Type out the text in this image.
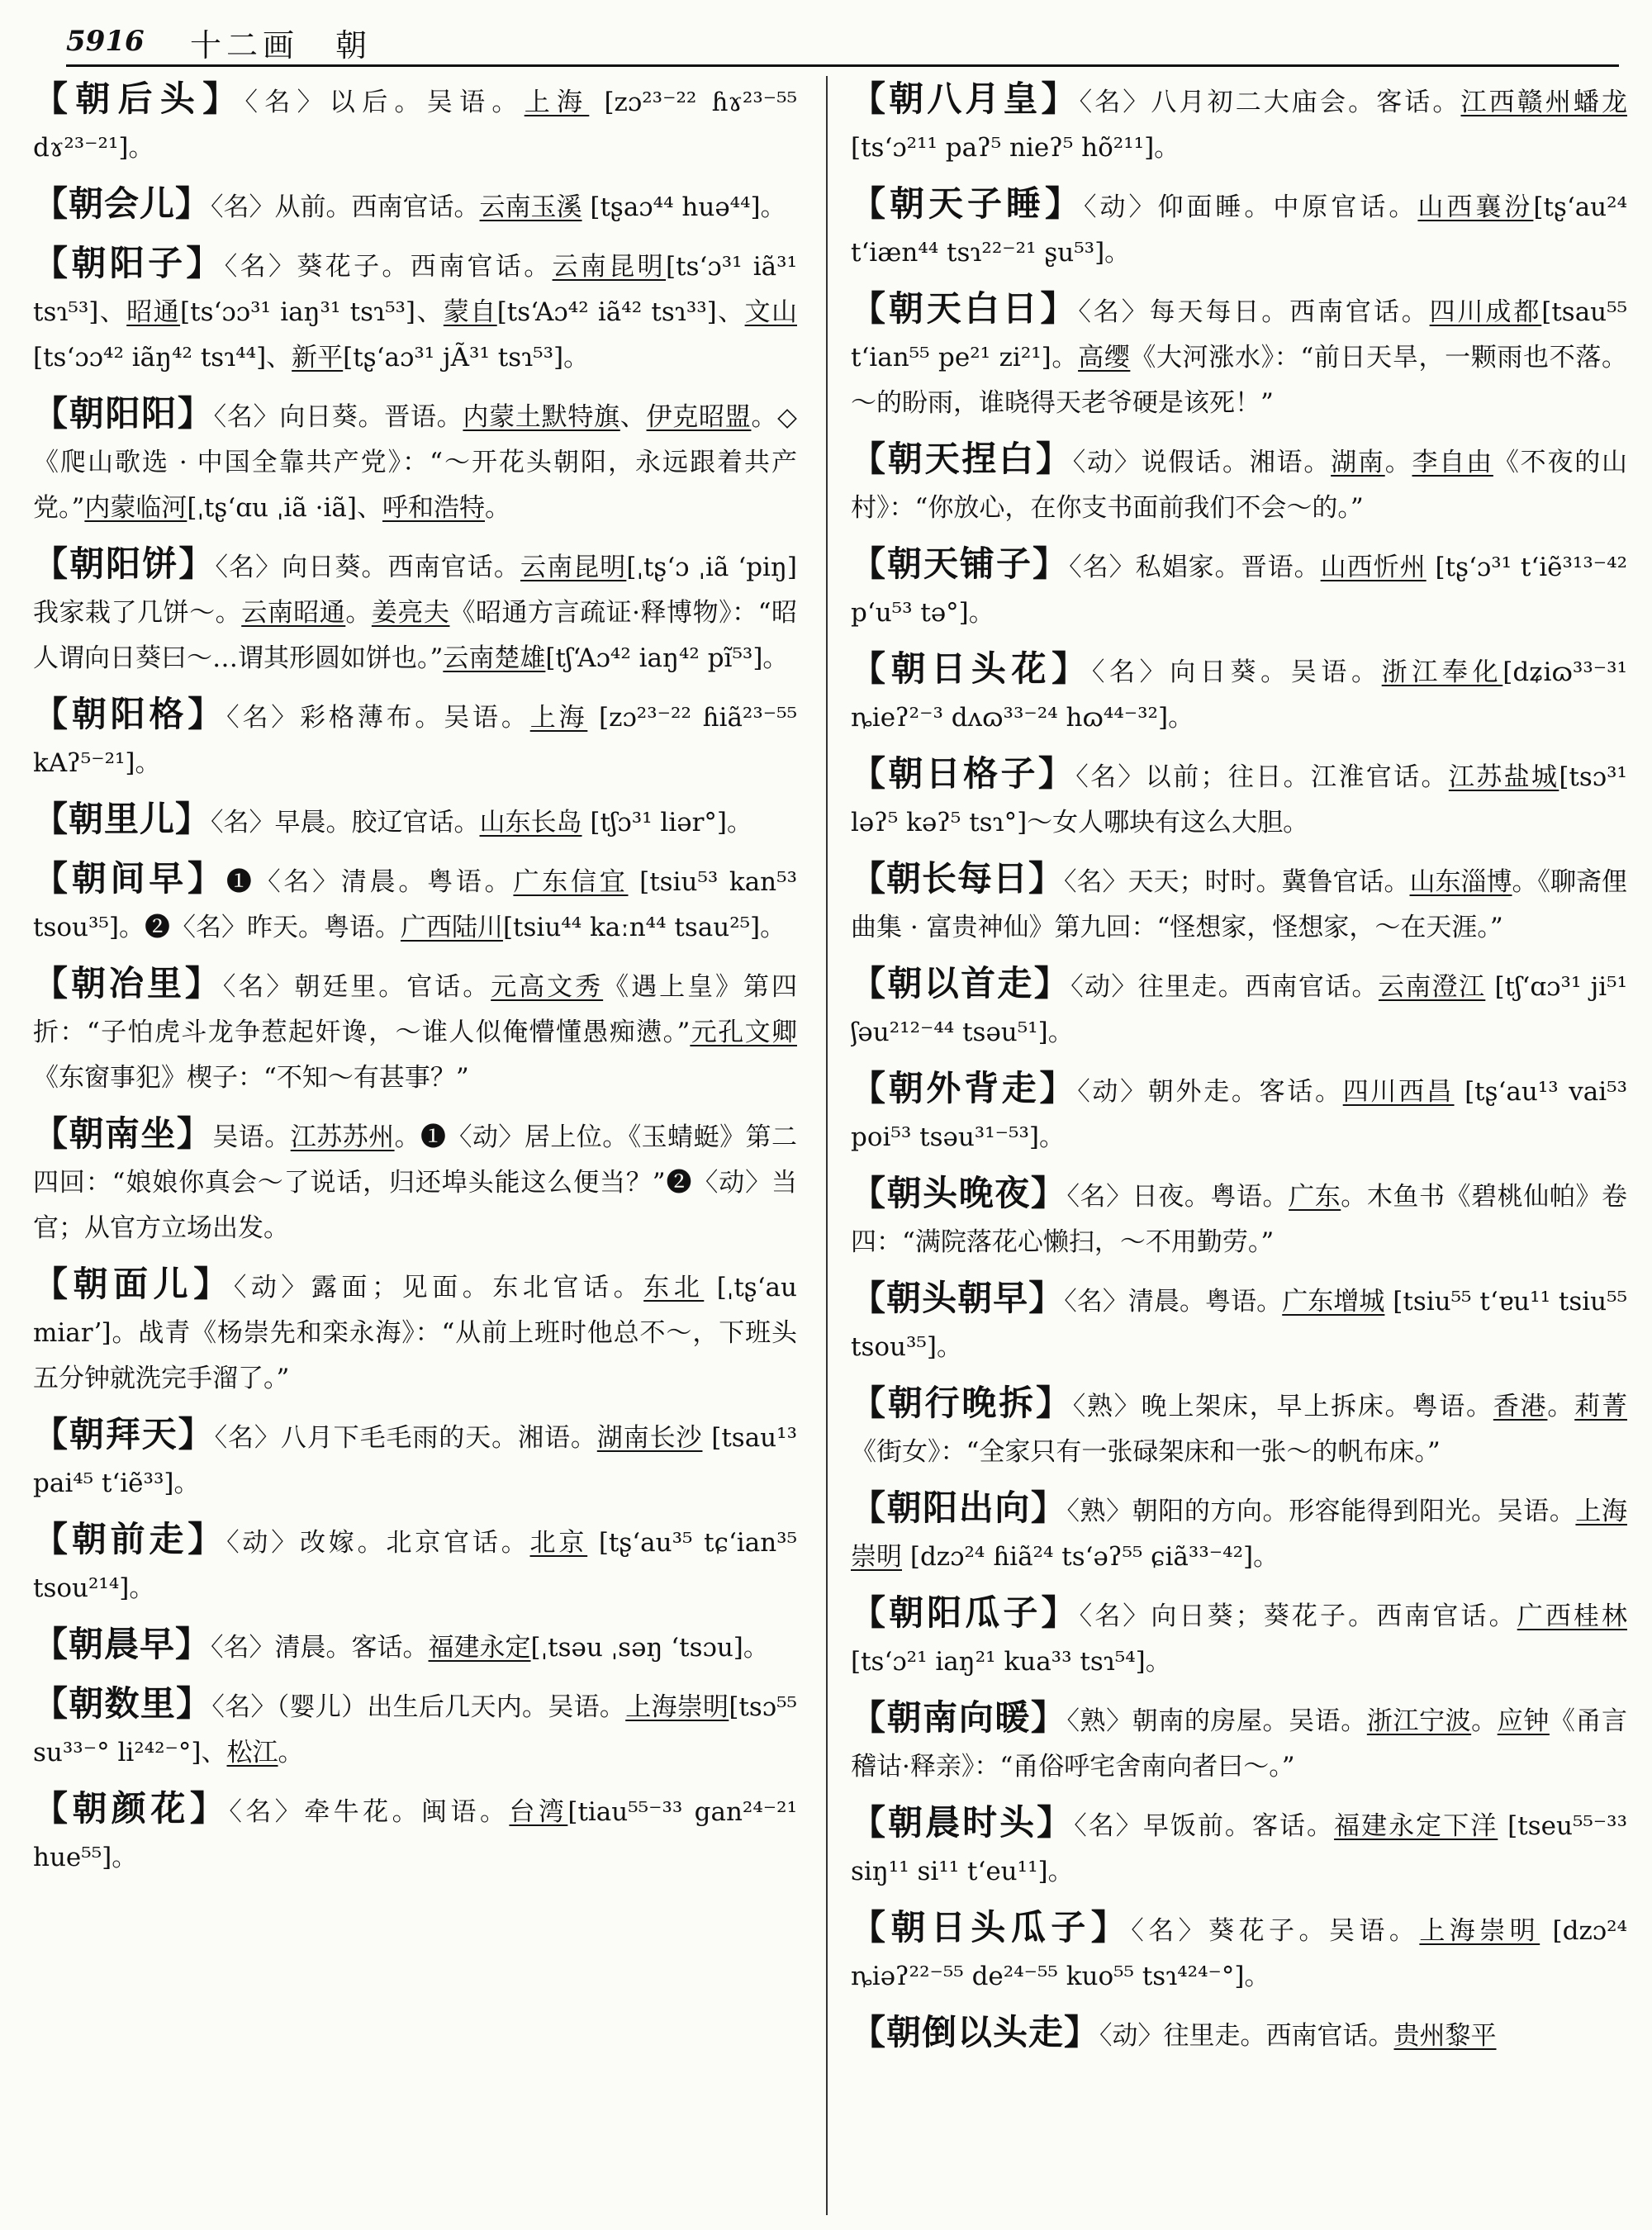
5916 十二画　朝

【朝后头】〈名〉以后。吴语。上海 [zɔ²³⁻²² ɦɤ²³⁻⁵⁵ dɤ²³⁻²¹]。

【朝会儿】〈名〉从前。西南官话。云南玉溪 [tʂaɔ⁴⁴ huə⁴⁴]。

【朝阳子】〈名〉葵花子。西南官话。云南昆明[tsʻɔ³¹ iã³¹ tsɿ⁵³]、昭通[tsʻɔɔ³¹ iaŋ³¹ tsɿ⁵³]、蒙自[tsʻAɔ⁴² iã⁴² tsɿ³³]、文山[tsʻɔɔ⁴² iãŋ⁴² tsɿ⁴⁴]、新平[tʂʻaɔ³¹ jÃ³¹ tsɿ⁵³]。

【朝阳阳】〈名〉向日葵。晋语。内蒙土默特旗、伊克昭盟。◇《爬山歌选 · 中国全靠共产党》：“～开花头朝阳，永远跟着共产党。”内蒙临河[ˌtʂʻɑu ˌiã ·iã]、呼和浩特。

【朝阳饼】〈名〉向日葵。西南官话。云南昆明[ˌtʂʻɔ ˌiã ʻpiŋ] 我家栽了几饼～。云南昭通。姜亮夫《昭通方言疏证·释博物》：“昭人谓向日葵曰～…谓其形圆如饼也。”云南楚雄[tʃʻAɔ⁴² iaŋ⁴² pĩ⁵³]。

【朝阳格】〈名〉彩格薄布。吴语。上海 [zɔ²³⁻²² ɦiã²³⁻⁵⁵ kAʔ⁵⁻²¹]。

【朝里儿】〈名〉早晨。胶辽官话。山东长岛 [tʃɔ³¹ liər°]。

【朝间早】❶〈名〉清晨。粤语。广东信宜 [tsiu⁵³ kan⁵³ tsou³⁵]。❷〈名〉昨天。粤语。广西陆川[tsiu⁴⁴ kaːn⁴⁴ tsau²⁵]。

【朝冶里】〈名〉朝廷里。官话。元高文秀《遇上皇》第四折：“子怕虎斗龙争惹起奸谗，～谁人似俺懵懂愚痴懑。”元孔文卿《东窗事犯》楔子：“不知～有甚事？”

【朝南坐】吴语。江苏苏州。❶〈动〉居上位。《玉蜻蜓》第二四回：“娘娘你真会～了说话，归还埠头能这么便当？”❷〈动〉当官；从官方立场出发。

【朝面儿】〈动〉露面；见面。东北官话。东北 [ˌtʂʻau miarʼ]。战青《杨崇先和栾永海》：“从前上班时他总不～，下班头五分钟就洗完手溜了。”

【朝拜天】〈名〉八月下毛毛雨的天。湘语。湖南长沙 [tsau¹³ pai⁴⁵ tʻiẽ³³]。

【朝前走】〈动〉改嫁。北京官话。北京 [tʂʻau³⁵ tɕʻian³⁵ tsou²¹⁴]。

【朝晨早】〈名〉清晨。客话。福建永定[ˌtsəu ˌsəŋ ʻtsɔu]。

【朝数里】〈名〉（婴儿）出生后几天内。吴语。上海崇明[tsɔ⁵⁵ su³³⁻° li²⁴²⁻°]、松江。

【朝颜花】〈名〉牵牛花。闽语。台湾[tiau⁵⁵⁻³³ gan²⁴⁻²¹ hue⁵⁵]。

【朝八月皇】〈名〉八月初二大庙会。客话。江西赣州蟠龙[tsʻɔ²¹¹ paʔ⁵ nieʔ⁵ hõ²¹¹]。

【朝天子睡】〈动〉仰面睡。中原官话。山西襄汾[tʂʻau²⁴ tʻiæn⁴⁴ tsɿ²²⁻²¹ ʂu⁵³]。

【朝天白日】〈名〉每天每日。西南官话。四川成都[tsau⁵⁵ tʻian⁵⁵ pe²¹ zi²¹]。高缨《大河涨水》：“前日天旱，一颗雨也不落。～的盼雨，谁晓得天老爷硬是该死！”

【朝天捏白】〈动〉说假话。湘语。湖南。李自由《不夜的山村》：“你放心，在你支书面前我们不会～的。”

【朝天铺子】〈名〉私娼家。晋语。山西忻州 [tʂʻɔ³¹ tʻiẽ³¹³⁻⁴² pʻu⁵³ tə°]。

【朝日头花】〈名〉向日葵。吴语。浙江奉化[dʑiɷ³³⁻³¹ ȵieʔ²⁻³ dʌɷ³³⁻²⁴ hɷ⁴⁴⁻³²]。

【朝日格子】〈名〉以前；往日。江淮官话。江苏盐城[tsɔ³¹ ləʔ⁵ kəʔ⁵ tsɿ°]～女人哪块有这么大胆。

【朝长每日】〈名〉天天；时时。冀鲁官话。山东淄博。《聊斋俚曲集 · 富贵神仙》第九回：“怪想家，怪想家，～在天涯。”

【朝以首走】〈动〉往里走。西南官话。云南澄江 [tʃʻɑɔ³¹ ji⁵¹ ʃəu²¹²⁻⁴⁴ tsəu⁵¹]。

【朝外背走】〈动〉朝外走。客话。四川西昌 [tʂʻau¹³ vai⁵³ poi⁵³ tsəu³¹⁻⁵³]。

【朝头晚夜】〈名〉日夜。粤语。广东。木鱼书《碧桃仙帕》卷四：“满院落花心懒扫，～不用勤劳。”

【朝头朝早】〈名〉清晨。粤语。广东增城 [tsiu⁵⁵ tʻɐu¹¹ tsiu⁵⁵ tsou³⁵]。

【朝行晚拆】〈熟〉晚上架床，早上拆床。粤语。香港。莉菁《街女》：“全家只有一张碌架床和一张～的帆布床。”

【朝阳出向】〈熟〉朝阳的方向。形容能得到阳光。吴语。上海崇明 [dzɔ²⁴ ɦiã²⁴ tsʻəʔ⁵⁵ ɕiã³³⁻⁴²]。

【朝阳瓜子】〈名〉向日葵；葵花子。西南官话。广西桂林[tsʻɔ²¹ iaŋ²¹ kua³³ tsɿ⁵⁴]。

【朝南向暖】〈熟〉朝南的房屋。吴语。浙江宁波。应钟《甬言稽诂·释亲》：“甬俗呼宅舍南向者曰～。”

【朝晨时头】〈名〉早饭前。客话。福建永定下洋 [tseu⁵⁵⁻³³ siŋ¹¹ si¹¹ tʻeu¹¹]。

【朝日头瓜子】〈名〉葵花子。吴语。上海崇明 [dzɔ²⁴ ȵiəʔ²²⁻⁵⁵ de²⁴⁻⁵⁵ kuo⁵⁵ tsɿ⁴²⁴⁻°]。

【朝倒以头走】〈动〉往里走。西南官话。贵州黎平
